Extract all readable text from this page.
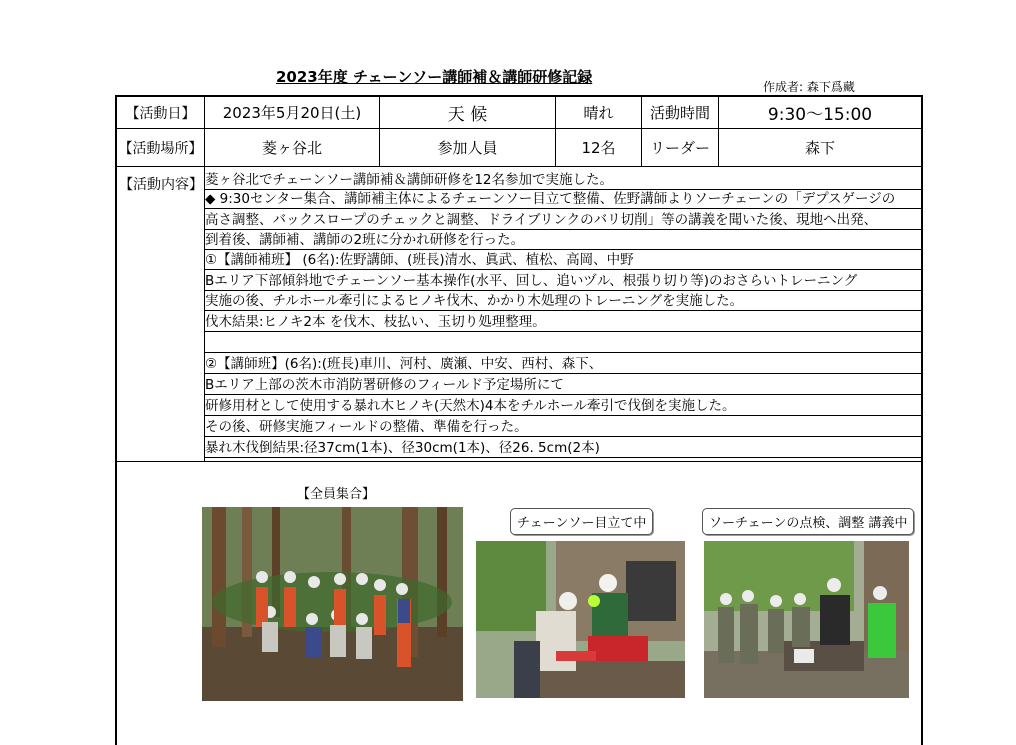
2023年度 チェーンソー講師補＆講師研修記録
作成者: 森下爲藏
【活動日】	2023年5月20日(土)	天 候	晴れ	活動時間	9:30～15:00
【活動場所】	菱ヶ谷北	参加人員	12名	リーダー	森下
【活動内容】 菱ヶ谷北でチェーンソー講師補＆講師研修を12名参加で実施した。
◆ 9:30センター集合、講師補主体によるチェーンソー目立て整備、佐野講師よりソーチェーンの「デプスゲージの
高さ調整、バックスロープのチェックと調整、ドライブリンクのバリ切削」等の講義を聞いた後、現地へ出発、
到着後、講師補、講師の2班に分かれ研修を行った。
①【講師補班】 (6名):佐野講師、(班長)清水、眞武、植松、高岡、中野
Bエリア下部傾斜地でチェーンソー基本操作(水平、回し、追いヅル、根張り切り等)のおさらいトレーニング
実施の後、チルホール牽引によるヒノキ伐木、かかり木処理のトレーニングを実施した。
伐木結果:ヒノキ2本 を伐木、枝払い、玉切り処理整理。
②【講師班】(6名):(班長)車川、河村、廣瀬、中安、西村、森下、
Bエリア上部の茨木市消防署研修のフィールド予定場所にて
研修用材として使用する暴れ木ヒノキ(天然木)4本をチルホール牽引で伐倒を実施した。
その後、研修実施フィールドの整備、準備を行った。
暴れ木伐倒結果:径37cm(1本)、径30cm(1本)、径26. 5cm(2本)
【全員集合】
チェーンソー目立て中	ソーチェーンの点検、調整 講義中
